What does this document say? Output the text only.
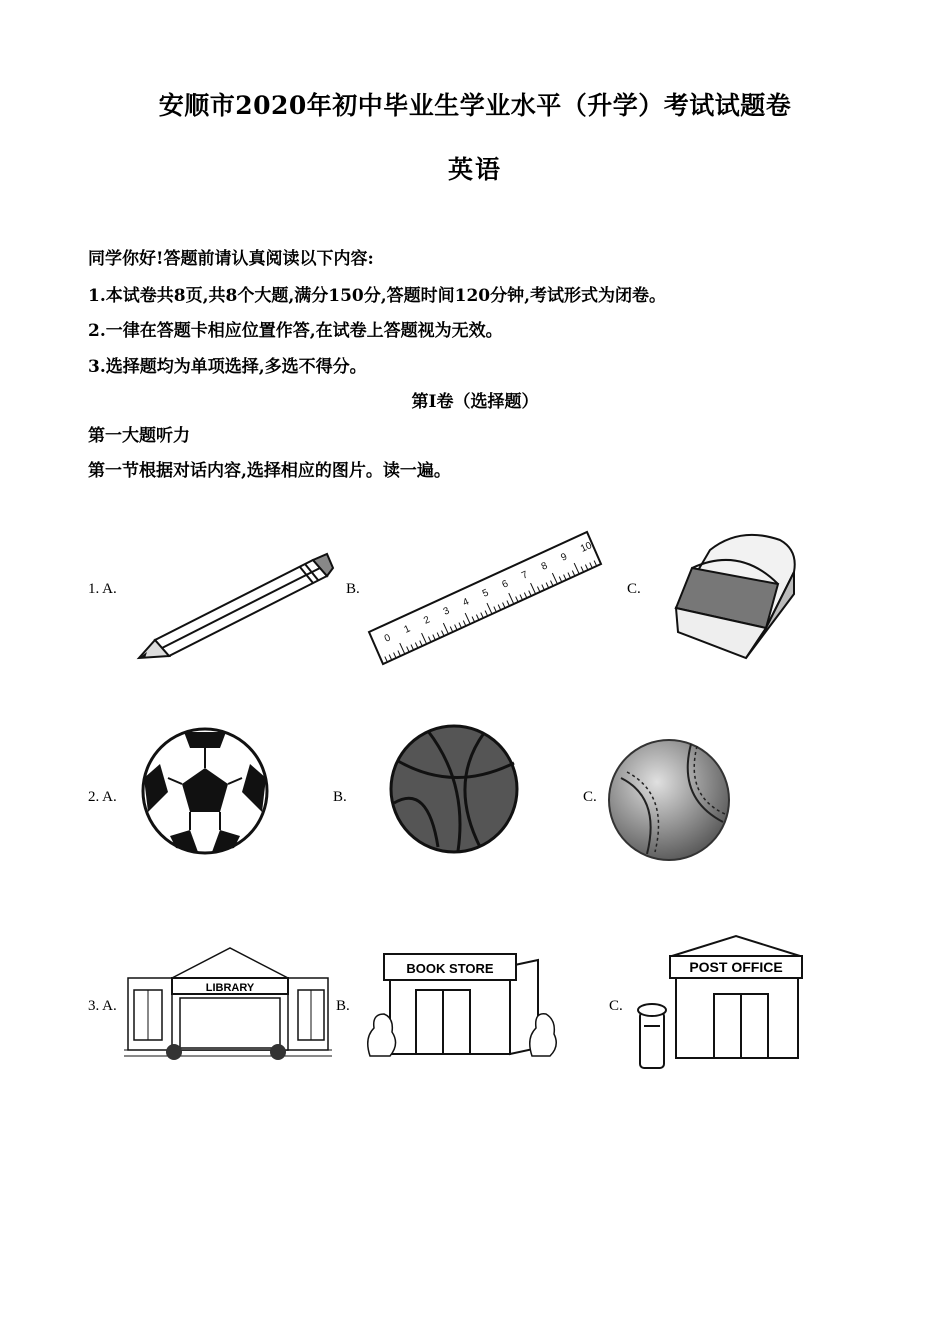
安顺市2020年初中毕业生学业水平（升学）考试试题卷
英语
同学你好!答题前请认真阅读以下内容:
1.本试卷共8页,共8个大题,满分150分,答题时间120分钟,考试形式为闭卷。
2.一律在答题卡相应位置作答,在试卷上答题视为无效。
3.选择题均为单项选择,多选不得分。
第Ⅰ卷（选择题）
第一大题听力
第一节根据对话内容,选择相应的图片。读一遍。
1. A.	B.	C.
0
1
2
3
4
5
6
7
8
9
10
2. A.	B.	C.
3. A.	B.	C.
LIBRARY
BOOK STORE	POST OFFICE
